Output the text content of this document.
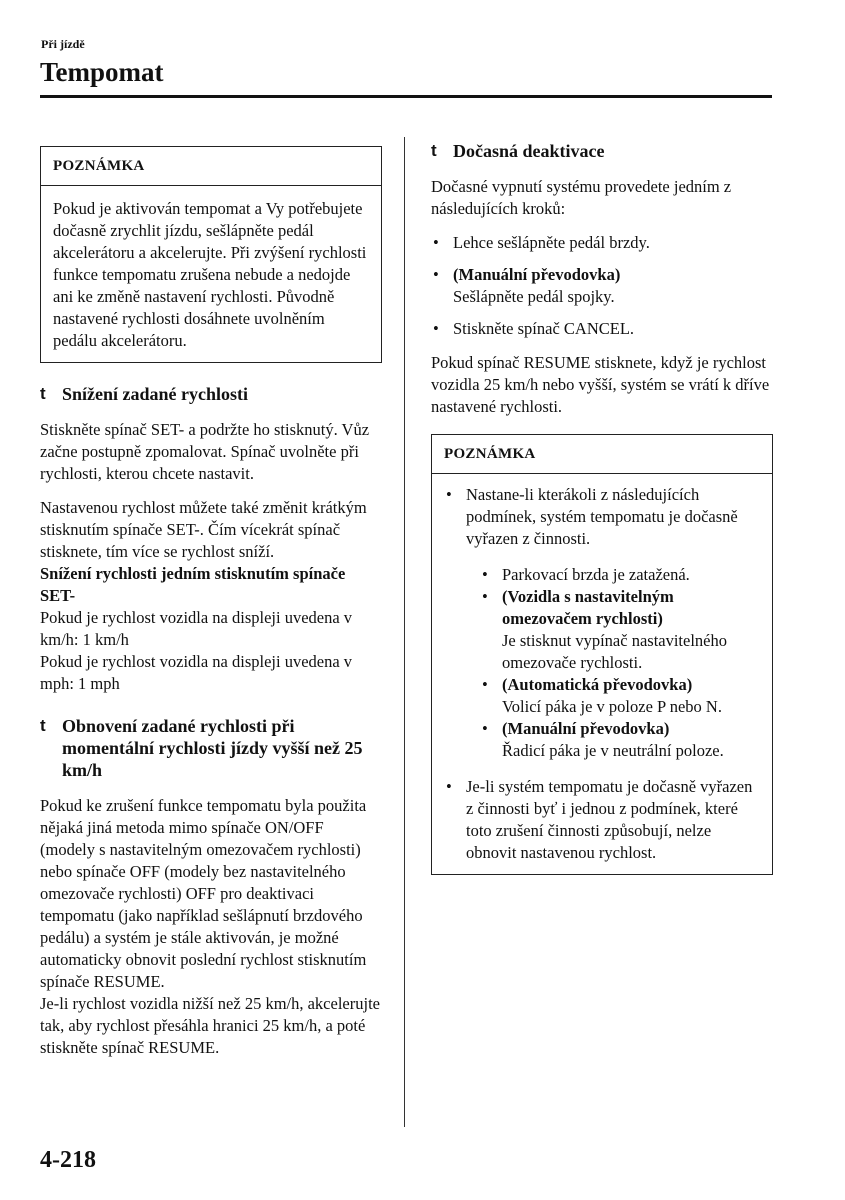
Při jízdě
Tempomat
POZNÁMKA
Pokud je aktivován tempomat a Vy potřebujete dočasně zrychlit jízdu, sešlápněte pedál akcelerátoru a akcelerujte. Při zvýšení rychlosti funkce tempomatu zrušena nebude a nedojde ani ke změně nastavení rychlosti. Původně nastavené rychlosti dosáhnete uvolněním pedálu akcelerátoru.
t Snížení zadané rychlosti

Stiskněte spínač SET- a podržte ho stisknutý. Vůz začne postupně zpomalovat. Spínač uvolněte při rychlosti, kterou chcete nastavit.

Nastavenou rychlost můžete také změnit krátkým stisknutím spínače SET-. Čím vícekrát spínač stisknete, tím více se rychlost sníží.

Snížení rychlosti jedním stisknutím spínače SET-
Pokud je rychlost vozidla na displeji uvedena v km/h: 1 km/h

Pokud je rychlost vozidla na displeji uvedena v mph: 1 mph

t Obnovení zadané rychlosti při momentální rychlosti jízdy vyšší než 25 km/h
Pokud ke zrušení funkce tempomatu byla použita nějaká jiná metoda mimo spínače ON/OFF (modely s nastavitelným omezovačem rychlosti) nebo spínače OFF (modely bez nastavitelného omezovače rychlosti) OFF pro deaktivaci tempomatu (jako například sešlápnutí brzdového pedálu) a systém je stále aktivován, je možné automaticky obnovit poslední rychlost stisknutím spínače RESUME.
Je-li rychlost vozidla nižší než 25 km/h, akcelerujte tak, aby rychlost přesáhla hranici 25 km/h, a poté stiskněte spínač RESUME.
t Dočasná deaktivace

Dočasné vypnutí systému provedete jedním z následujících kroků:

• Lehce sešlápněte pedál brzdy.
• (Manuální převodovka)
Sešlápněte pedál spojky.
• Stiskněte spínač CANCEL.

Pokud spínač RESUME stisknete, když je rychlost vozidla 25 km/h nebo vyšší, systém se vrátí k dříve nastavené rychlosti.

POZNÁMKA
• Nastane-li kterákoli z následujících podmínek, systém tempomatu je dočasně vyřazen z činnosti.
• Parkovací brzda je zatažená.
• (Vozidla s nastavitelným omezovačem rychlosti)
Je stisknut vypínač nastavitelného omezovače rychlosti.
• (Automatická převodovka)
Volicí páka je v poloze P nebo N.
• (Manuální převodovka)
Řadicí páka je v neutrální poloze.
• Je-li systém tempomatu je dočasně vyřazen z činnosti byť i jednou z podmínek, které toto zrušení činnosti způsobují, nelze obnovit nastavenou rychlost.
4-218
